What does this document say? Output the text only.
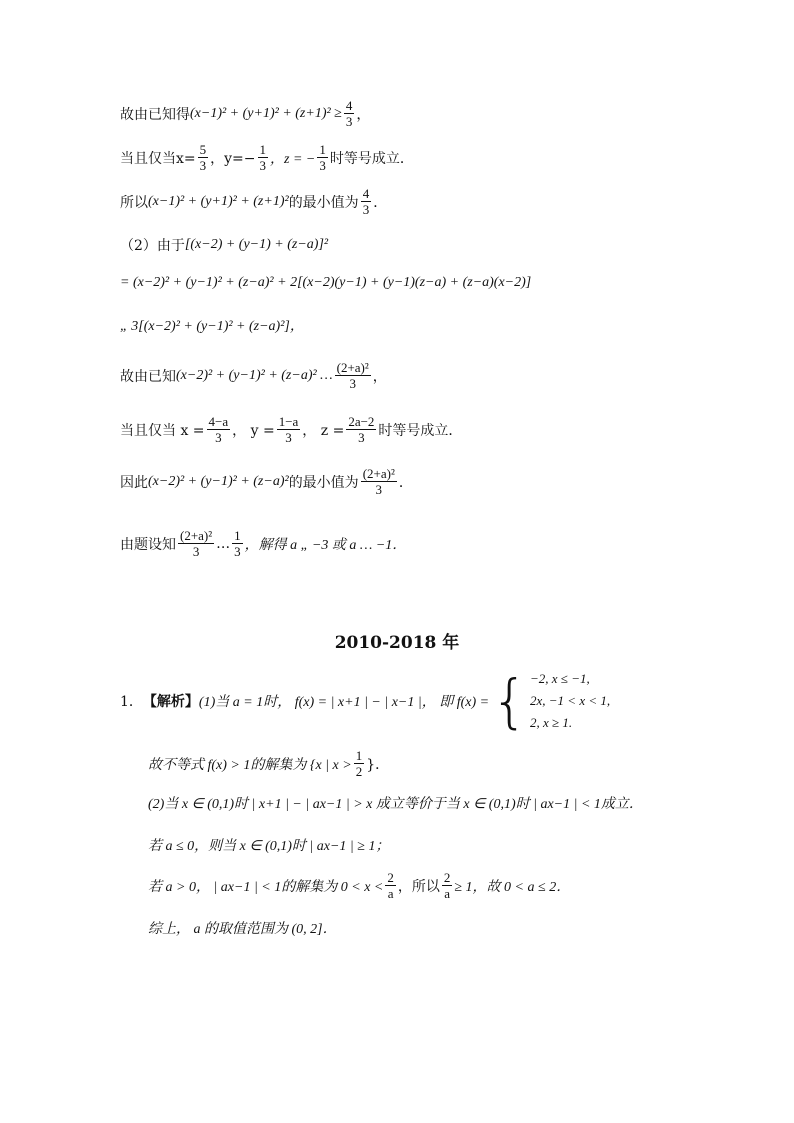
故由已知得 $(x-1)^2 + (y+1)^2 + (z+1)^2 \ge \frac{4}{3}$ ，
当且仅当$x= \frac{5}{3}$ ，$y=- \frac{1}{3}$ ，z = − $\frac{1}{3}$ 时等号成立．
所以 (x−1)² + (y+1)² + (z+1)² 的最小值为 $\frac{4}{3}$ ．
（2）由于 [(x−2) + (y−1) + (z−a)]²
= (x−2)² + (y−1)² + (z−a)² + 2[(x−2)(y−1) + (y−1)(z−a) + (z−a)(x−2)]
„ 3[(x−2)² + (y−1)² + (z−a)²]，
故由已知 (x−2)² + (y−1)² + (z−a)² … $\frac{\text{(2+a)²}}{3}$ ，
当且仅当 $x = \frac{4-a}{3}$ ， $y = \frac{1-a}{3}$ ， $z = \frac{2a-2}{3}$ 时等号成立．
因此 (x−2)² + (y−1)² + (z−a)² 的最小值为 $\frac{\text{(2+a)²}}{3}$ ．
由题设知 $\frac{\text{(2+a)²}}{3}$ … $\frac{1}{3}$ ，解得 a „ −3 或 a … −1．
2010-2018 年
1． 【解析】 (1)当 a = 1时， f(x) = | x+1 | − | x−1 |， 即 f(x) = { −2, x ≤ −1,
2x, −1 < x < 1,
2, x ≥ 1.
故不等式 f(x) > 1的解集为 {x | $x > \frac{1}{2}$ }．
(2)当 x ∈ (0,1)时 | x+1 | − | ax−1 | > x 成立等价于当 x ∈ (0,1)时 | ax−1 | < 1成立．
若 a ≤ 0，则当 x ∈ (0,1)时 | ax−1 | ≥ 1；
若 a > 0， | ax−1 | < 1的解集为 $0 < x < \frac{2}{a}$ ，所以 $\frac{2}{a} \ge 1$，故 0 < a ≤ 2．
综上， a 的取值范围为 (0, 2]．
